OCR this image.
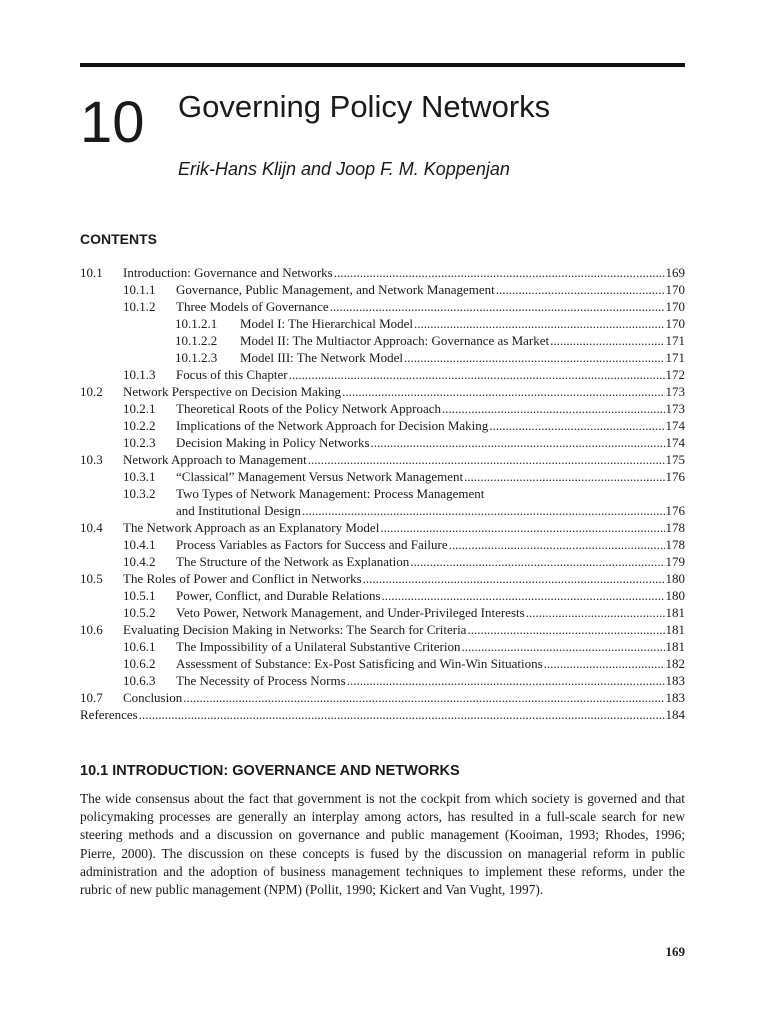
10 Governing Policy Networks
Erik-Hans Klijn and Joop F. M. Koppenjan
CONTENTS
10.1	Introduction: Governance and Networks .....	169
10.1.1	Governance, Public Management, and Network Management .....	170
10.1.2	Three Models of Governance .....	170
10.1.2.1	Model I: The Hierarchical Model .....	170
10.1.2.2	Model II: The Multiactor Approach: Governance as Market .....	171
10.1.2.3	Model III: The Network Model .....	171
10.1.3	Focus of this Chapter .....	172
10.2	Network Perspective on Decision Making .....	173
10.2.1	Theoretical Roots of the Policy Network Approach .....	173
10.2.2	Implications of the Network Approach for Decision Making .....	174
10.2.3	Decision Making in Policy Networks .....	174
10.3	Network Approach to Management .....	175
10.3.1	“Classical” Management Versus Network Management .....	176
10.3.2	Two Types of Network Management: Process Management
and Institutional Design .....	176
10.4	The Network Approach as an Explanatory Model .....	178
10.4.1	Process Variables as Factors for Success and Failure .....	178
10.4.2	The Structure of the Network as Explanation .....	179
10.5	The Roles of Power and Conflict in Networks .....	180
10.5.1	Power, Conflict, and Durable Relations .....	180
10.5.2	Veto Power, Network Management, and Under-Privileged Interests .....	181
10.6	Evaluating Decision Making in Networks: The Search for Criteria .....	181
10.6.1	The Impossibility of a Unilateral Substantive Criterion .....	181
10.6.2	Assessment of Substance: Ex-Post Satisficing and Win-Win Situations .....	182
10.6.3	The Necessity of Process Norms .....	183
10.7	Conclusion .....	183
References .....	184
10.1 INTRODUCTION: GOVERNANCE AND NETWORKS

The wide consensus about the fact that government is not the cockpit from which society is governed and that policymaking processes are generally an interplay among actors, has resulted in a full-scale search for new steering methods and a discussion on governance and public management (Kooiman, 1993; Rhodes, 1996; Pierre, 2000). The discussion on these concepts is fused by the discussion on managerial reform in public administration and the adoption of business management techniques to implement these reforms, under the rubric of new public management (NPM) (Pollit, 1990; Kickert and Van Vught, 1997).

169
